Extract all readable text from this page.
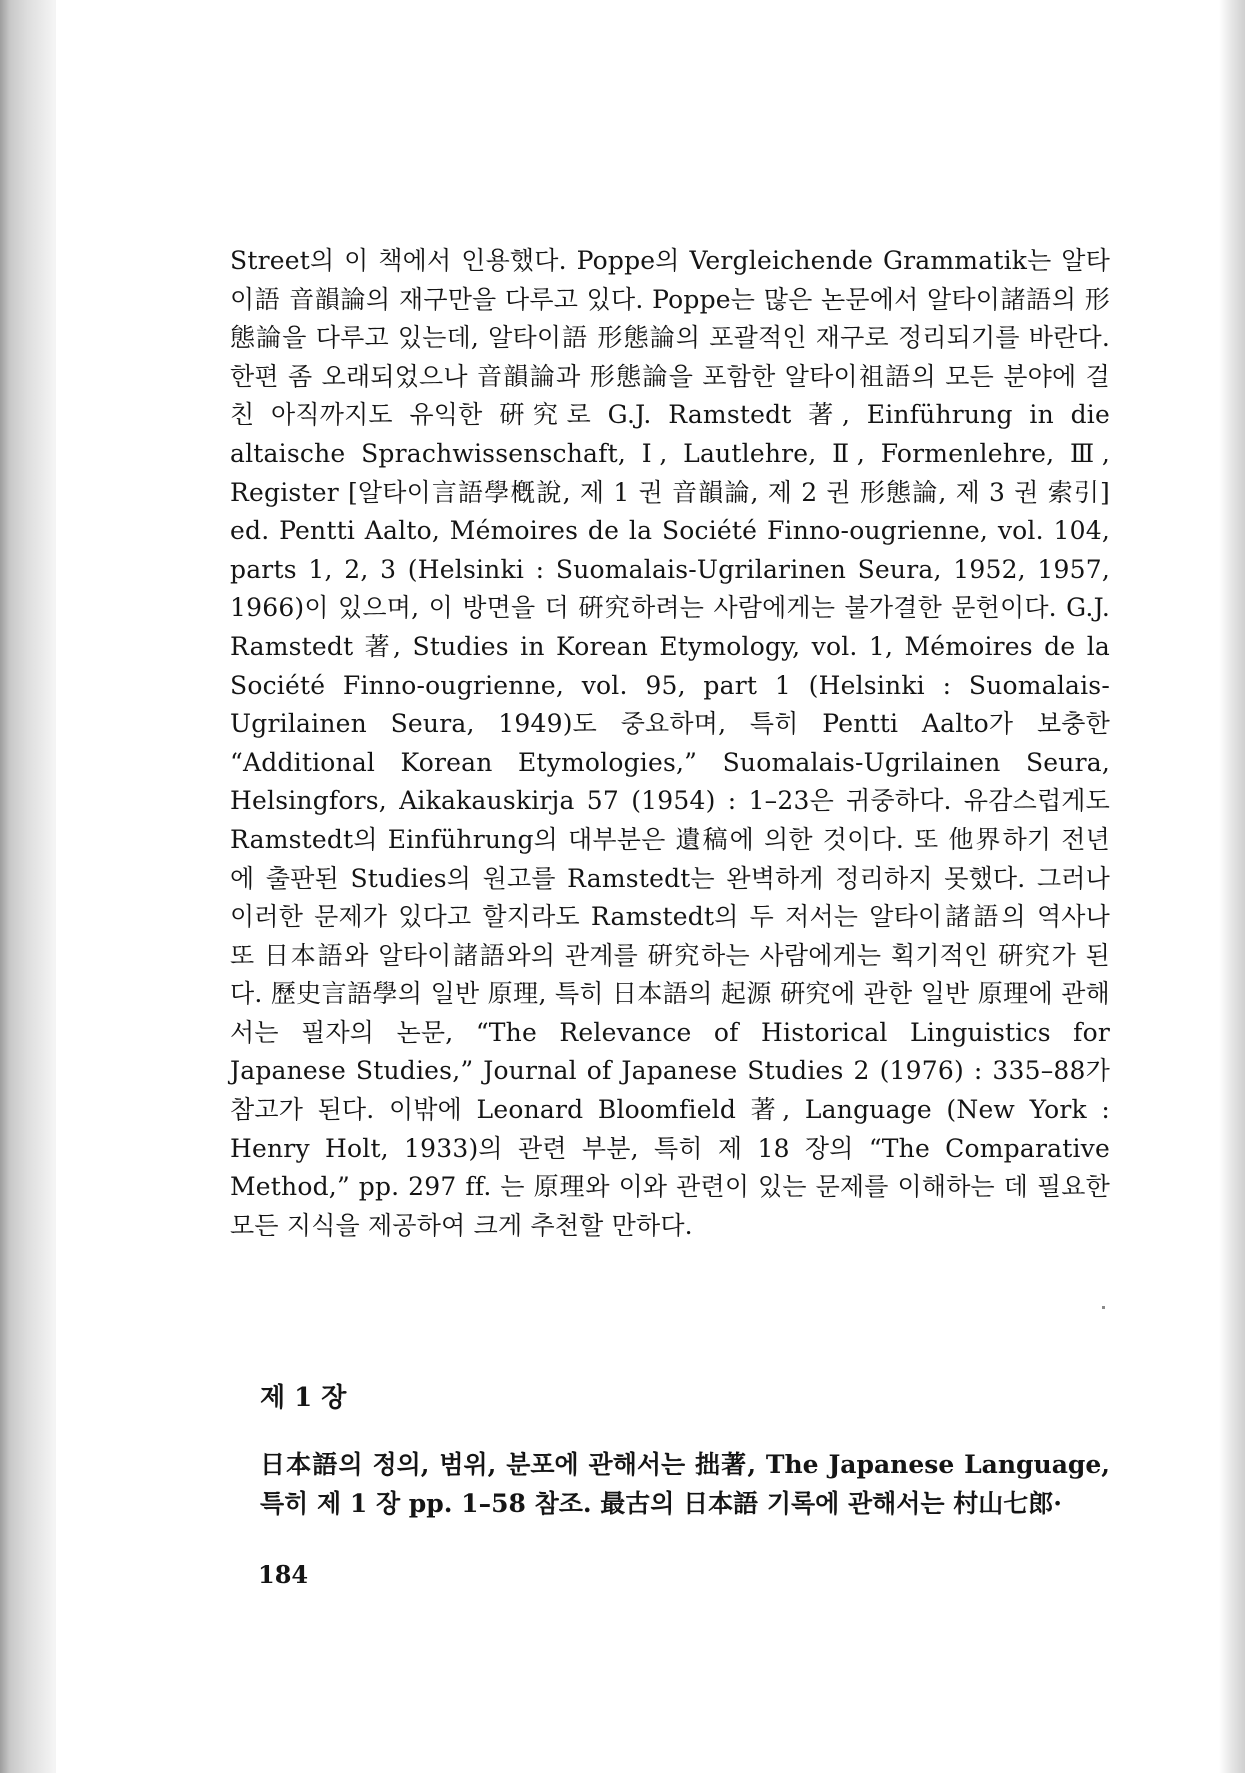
Street의 이 책에서 인용했다. Poppe의 Vergleichende Grammatik는 알타이語 音韻論의 재구만을 다루고 있다. Poppe는 많은 논문에서 알타이諸語의 形態論을 다루고 있는데, 알타이語 形態論의 포괄적인 재구로 정리되기를 바란다. 한편 좀 오래되었으나 音韻論과 形態論을 포함한 알타이祖語의 모든 분야에 걸친 아직까지도 유익한 硏究로 G.J. Ramstedt 著, Einführung in die altaische Sprachwissenschaft, Ⅰ, Lautlehre, Ⅱ, Formenlehre, Ⅲ, Register [알타이言語學槪說, 제 1 권 音韻論, 제 2 권 形態論, 제 3 권 索引] ed. Pentti Aalto, Mémoires de la Société Finno-ougrienne, vol. 104, parts 1, 2, 3 (Helsinki : Suomalais-Ugrilarinen Seura, 1952, 1957, 1966)이 있으며, 이 방면을 더 硏究하려는 사람에게는 불가결한 문헌이다. G.J. Ramstedt 著, Studies in Korean Etymology, vol. 1, Mémoires de la Société Finno-ougrienne, vol. 95, part 1 (Helsinki : Suomalais-Ugrilainen Seura, 1949)도 중요하며, 특히 Pentti Aalto가 보충한 “Additional Korean Etymologies,” Suomalais-Ugrilainen Seura, Helsingfors, Aikakauskirja 57 (1954) : 1–23은 귀중하다. 유감스럽게도 Ramstedt의 Einführung의 대부분은 遺稿에 의한 것이다. 또 他界하기 전년에 출판된 Studies의 원고를 Ramstedt는 완벽하게 정리하지 못했다. 그러나 이러한 문제가 있다고 할지라도 Ramstedt의 두 저서는 알타이諸語의 역사나 또 日本語와 알타이諸語와의 관계를 硏究하는 사람에게는 획기적인 硏究가 된다. 歷史言語學의 일반 原理, 특히 日本語의 起源 硏究에 관한 일반 原理에 관해서는 필자의 논문, “The Relevance of Historical Linguistics for Japanese Studies,” Journal of Japanese Studies 2 (1976) : 335–88가 참고가 된다. 이밖에 Leonard Bloomfield 著, Language (New York : Henry Holt, 1933)의 관련 부분, 특히 제 18 장의 “The Comparative Method,” pp. 297 ff. 는 原理와 이와 관련이 있는 문제를 이해하는 데 필요한 모든 지식을 제공하여 크게 추천할 만하다.
제 1 장
日本語의 정의, 범위, 분포에 관해서는 拙著, The Japanese Language, 특히 제 1 장 pp. 1–58 참조. 最古의 日本語 기록에 관해서는 村山七郎·
184
